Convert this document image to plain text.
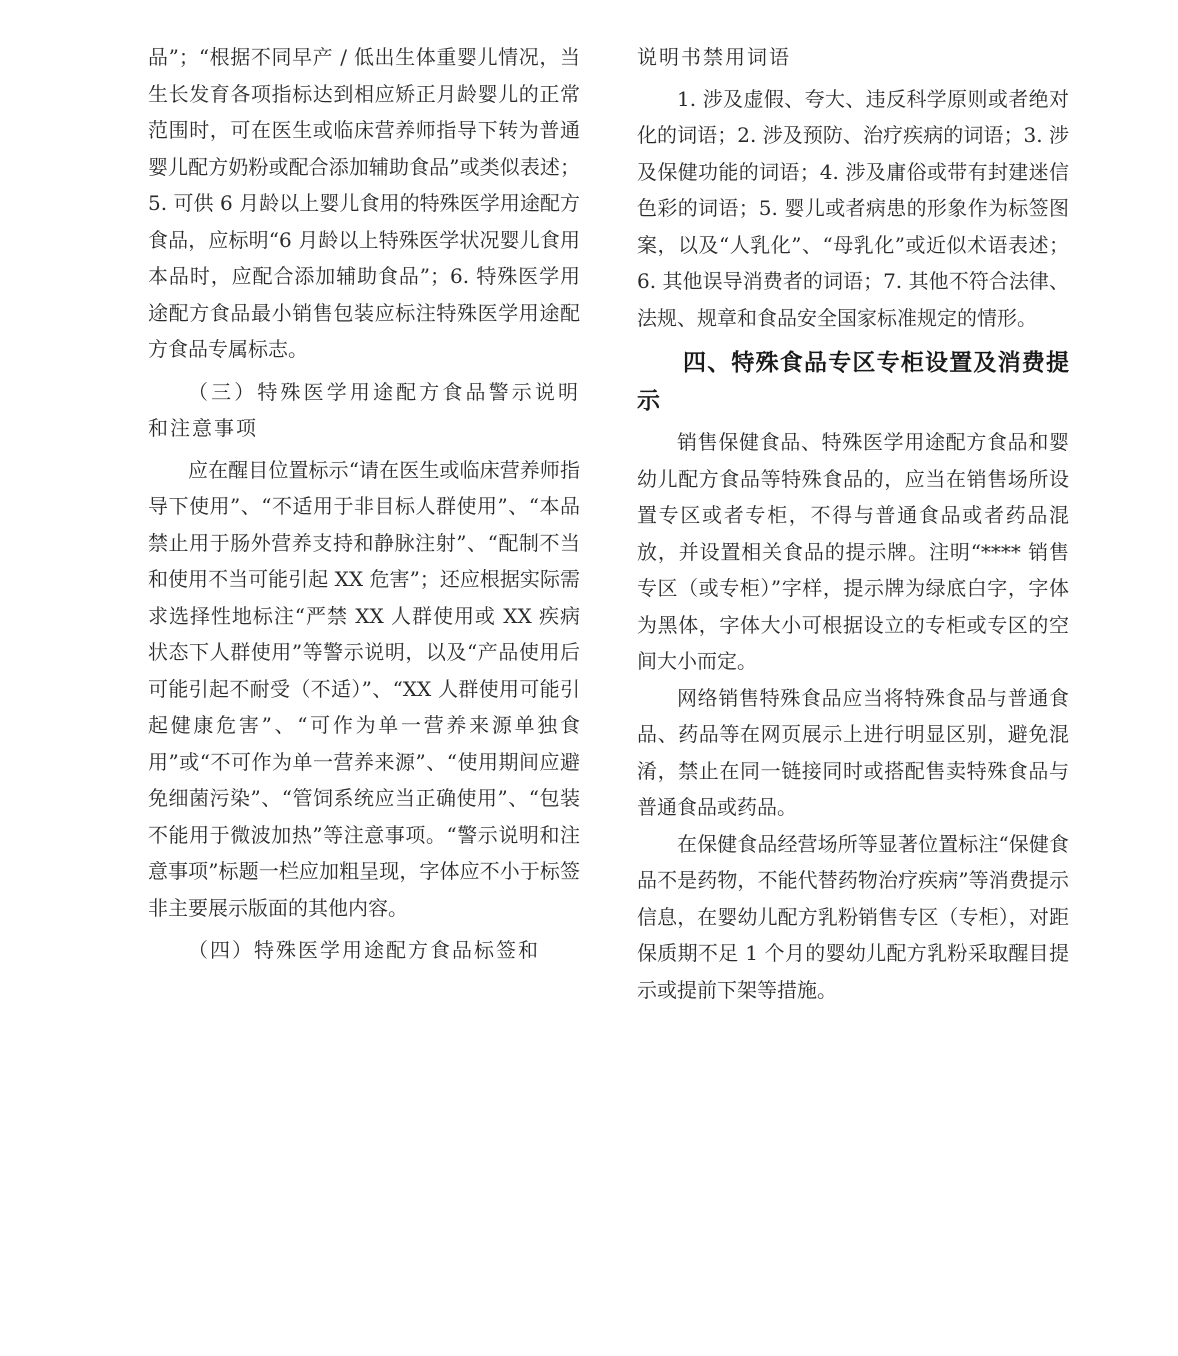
品”；“根据不同早产 / 低出生体重婴儿情况，当生长发育各项指标达到相应矫正月龄婴儿的正常范围时，可在医生或临床营养师指导下转为普通婴儿配方奶粉或配合添加辅助食品”或类似表述；5. 可供 6 月龄以上婴儿食用的特殊医学用途配方食品，应标明“6 月龄以上特殊医学状况婴儿食用本品时，应配合添加辅助食品”；6. 特殊医学用途配方食品最小销售包装应标注特殊医学用途配方食品专属标志。

（三）特殊医学用途配方食品警示说明和注意事项

应在醒目位置标示“请在医生或临床营养师指导下使用”、“不适用于非目标人群使用”、“本品禁止用于肠外营养支持和静脉注射”、“配制不当和使用不当可能引起 XX 危害”；还应根据实际需求选择性地标注“严禁 XX 人群使用或 XX 疾病状态下人群使用”等警示说明，以及“产品使用后可能引起不耐受（不适）”、“XX 人群使用可能引起健康危害”、“可作为单一营养来源单独食用”或“不可作为单一营养来源”、“使用期间应避免细菌污染”、“管饲系统应当正确使用”、“包装不能用于微波加热”等注意事项。“警示说明和注意事项”标题一栏应加粗呈现，字体应不小于标签非主要展示版面的其他内容。

（四）特殊医学用途配方食品标签和

说明书禁用词语

1. 涉及虚假、夸大、违反科学原则或者绝对化的词语；2. 涉及预防、治疗疾病的词语；3. 涉及保健功能的词语；4. 涉及庸俗或带有封建迷信色彩的词语；5. 婴儿或者病患的形象作为标签图案，以及“人乳化”、“母乳化”或近似术语表述；6. 其他误导消费者的词语；7. 其他不符合法律、法规、规章和食品安全国家标准规定的情形。

四、特殊食品专区专柜设置及消费提示

销售保健食品、特殊医学用途配方食品和婴幼儿配方食品等特殊食品的，应当在销售场所设置专区或者专柜，不得与普通食品或者药品混放，并设置相关食品的提示牌。注明“**** 销售专区（或专柜）”字样，提示牌为绿底白字，字体为黑体，字体大小可根据设立的专柜或专区的空间大小而定。

网络销售特殊食品应当将特殊食品与普通食品、药品等在网页展示上进行明显区别，避免混淆，禁止在同一链接同时或搭配售卖特殊食品与普通食品或药品。

在保健食品经营场所等显著位置标注“保健食品不是药物，不能代替药物治疗疾病”等消费提示信息，在婴幼儿配方乳粉销售专区（专柜），对距保质期不足 1 个月的婴幼儿配方乳粉采取醒目提示或提前下架等措施。
